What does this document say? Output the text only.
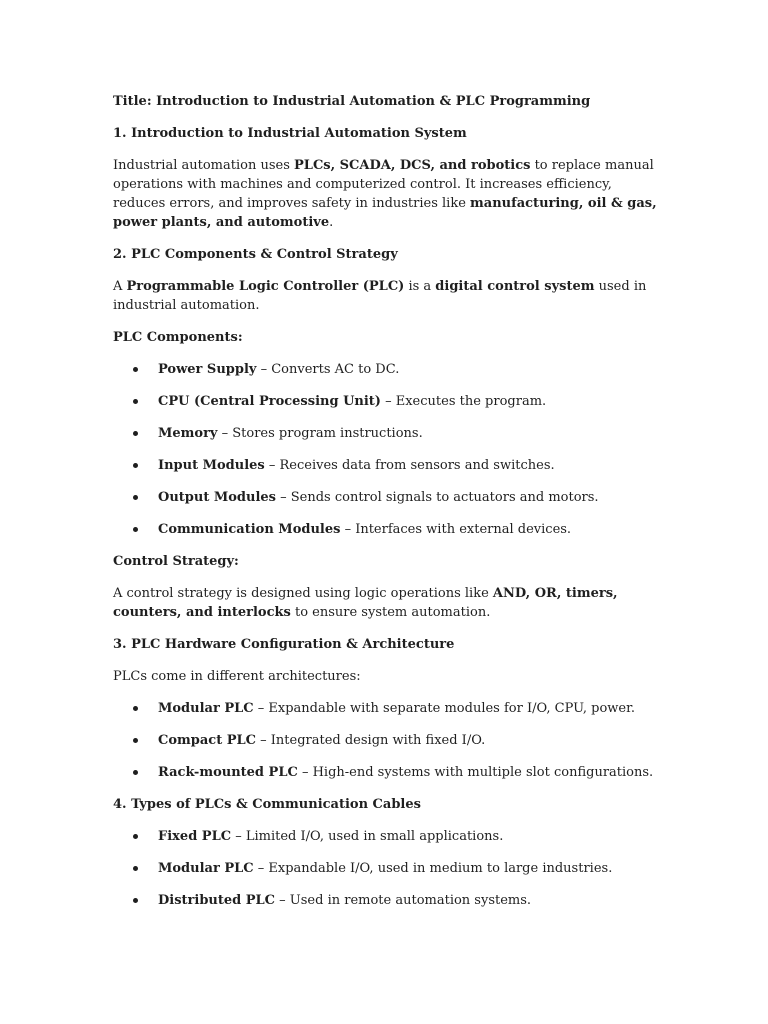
Title: Introduction to Industrial Automation & PLC Programming

1. Introduction to Industrial Automation System

Industrial automation uses PLCs, SCADA, DCS, and robotics to replace manual operations with machines and computerized control. It increases efficiency, reduces errors, and improves safety in industries like manufacturing, oil & gas, power plants, and automotive.

2. PLC Components & Control Strategy

A Programmable Logic Controller (PLC) is a digital control system used in industrial automation.

PLC Components:

Power Supply – Converts AC to DC.
CPU (Central Processing Unit) – Executes the program.
Memory – Stores program instructions.
Input Modules – Receives data from sensors and switches.
Output Modules – Sends control signals to actuators and motors.
Communication Modules – Interfaces with external devices.

Control Strategy:

A control strategy is designed using logic operations like AND, OR, timers, counters, and interlocks to ensure system automation.

3. PLC Hardware Configuration & Architecture

PLCs come in different architectures:

Modular PLC – Expandable with separate modules for I/O, CPU, power.
Compact PLC – Integrated design with fixed I/O.
Rack-mounted PLC – High-end systems with multiple slot configurations.

4. Types of PLCs & Communication Cables

Fixed PLC – Limited I/O, used in small applications.
Modular PLC – Expandable I/O, used in medium to large industries.
Distributed PLC – Used in remote automation systems.
